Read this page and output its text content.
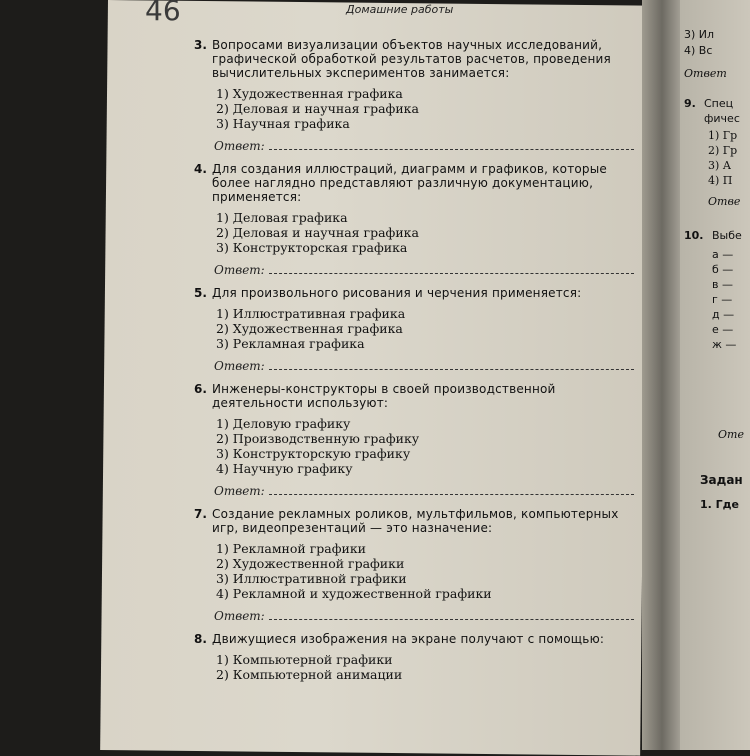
3) Ил
4) Вс
Ответ
9. Спец
фичес
1) Гр
2) Гр
3) А
4) П
Отве
10. Выбе
а —
б —
в —
г —
д —
е —
ж —
Оте
Задан
1. Где
46	Домашние работы
3. Вопросами визуализации объектов научных исследований, графической обработкой результатов расчетов, проведения вычислительных экспериментов занимается:
1) Художественная графика
2) Деловая и научная графика
3) Научная графика
Ответ:
4. Для создания иллюстраций, диаграмм и графиков, которые более наглядно представляют различную документацию, применяется:
1) Деловая графика
2) Деловая и научная графика
3) Конструкторская графика
Ответ:
5. Для произвольного рисования и черчения применяется:
1) Иллюстративная графика
2) Художественная графика
3) Рекламная графика
Ответ:
6. Инженеры-конструкторы в своей производственной деятельности используют:
1) Деловую графику
2) Производственную графику
3) Конструкторскую графику
4) Научную графику
Ответ:
7. Создание рекламных роликов, мультфильмов, компьютерных игр, видеопрезентаций — это назначение:
1) Рекламной графики
2) Художественной графики
3) Иллюстративной графики
4) Рекламной и художественной графики
Ответ:
8. Движущиеся изображения на экране получают с помощью:
1) Компьютерной графики
2) Компьютерной анимации
